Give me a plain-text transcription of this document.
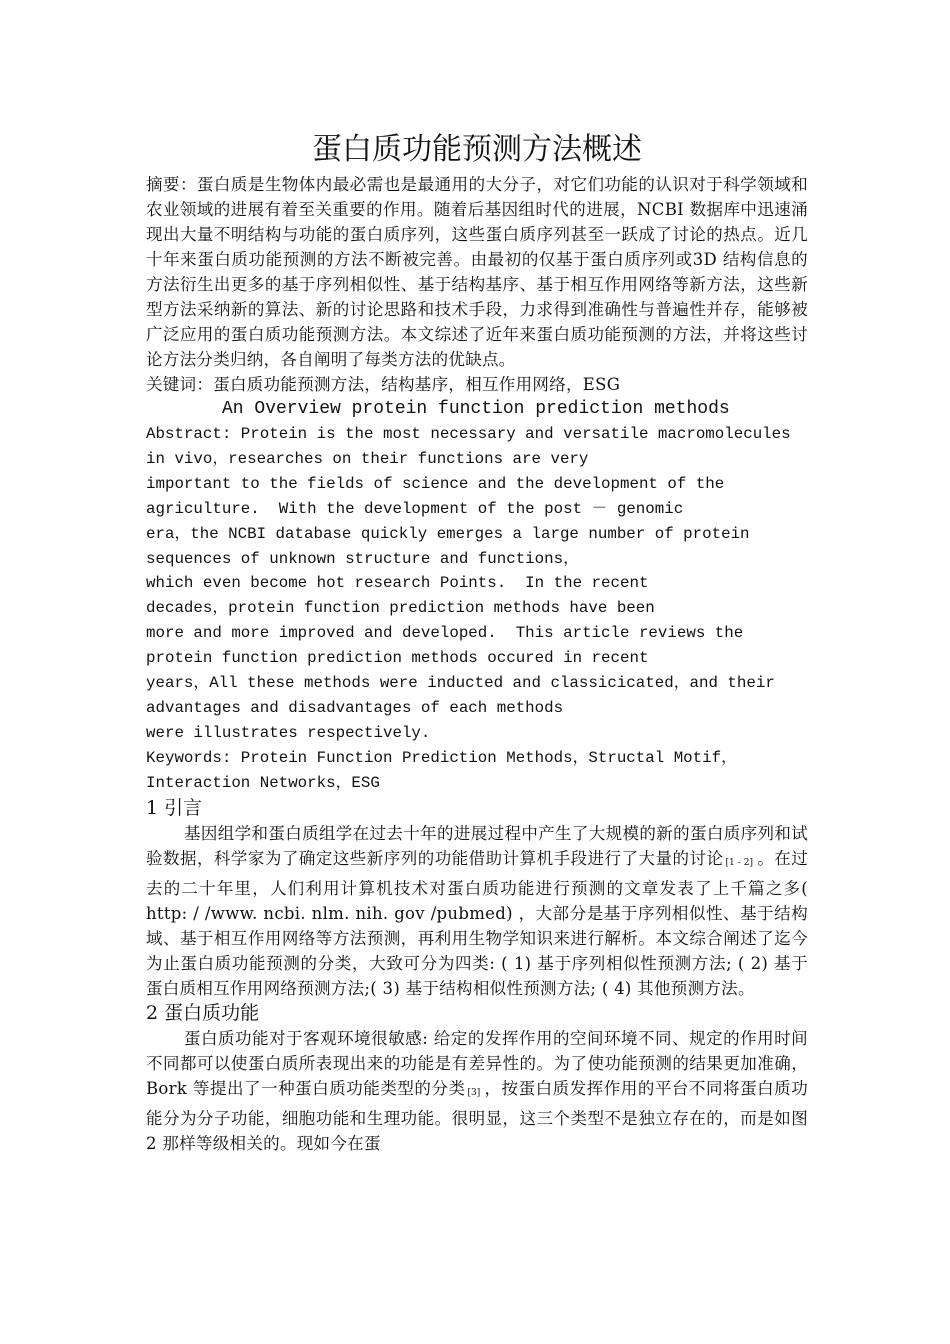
蛋白质功能预测方法概述

摘要：蛋白质是生物体内最必需也是最通用的大分子，对它们功能的认识对于科学领域和农业领域的进展有着至关重要的作用。随着后基因组时代的进展，NCBI 数据库中迅速涌现出大量不明结构与功能的蛋白质序列，这些蛋白质序列甚至一跃成了讨论的热点。近几十年来蛋白质功能预测的方法不断被完善。由最初的仅基于蛋白质序列或3D 结构信息的方法衍生出更多的基于序列相似性、基于结构基序、基于相互作用网络等新方法，这些新型方法采纳新的算法、新的讨论思路和技术手段，力求得到准确性与普遍性并存，能够被广泛应用的蛋白质功能预测方法。本文综述了近年来蛋白质功能预测的方法，并将这些讨论方法分类归纳，各自阐明了每类方法的优缺点。

关键词：蛋白质功能预测方法，结构基序，相互作用网络，ESG

An Overview protein function prediction methods

Abstract: Protein is the most necessary and versatile macromolecules
in vivo，researches on their functions are very
important to the fields of science and the development of the
agriculture.  With the development of the post － genomic
era，the NCBI database quickly emerges a large number of protein
sequences of unknown structure and functions，
which even become hot research Points.  In the recent
decades，protein function prediction methods have been
more and more improved and developed.  This article reviews the
protein function prediction methods occured in recent
years，All these methods were inducted and classicicated，and their
advantages and disadvantages of each methods
were illustrates respectively.
Keywords: Protein Function Prediction Methods，Structal Motif，
Interaction Networks，ESG
1 引言

基因组学和蛋白质组学在过去十年的进展过程中产生了大规模的新的蛋白质序列和试验数据，科学家为了确定这些新序列的功能借助计算机手段进行了大量的讨论 [1 - 2] 。在过去的二十年里，人们利用计算机技术对蛋白质功能进行预测的文章发表了上千篇之多( http: / /www. ncbi. nlm. nih. gov /pubmed) ，大部分是基于序列相似性、基于结构域、基于相互作用网络等方法预测，再利用生物学知识来进行解析。本文综合阐述了迄今为止蛋白质功能预测的分类，大致可分为四类: ( 1) 基于序列相似性预测方法; ( 2) 基于蛋白质相互作用网络预测方法;( 3) 基于结构相似性预测方法; ( 4) 其他预测方法。

2 蛋白质功能

蛋白质功能对于客观环境很敏感: 给定的发挥作用的空间环境不同、规定的作用时间不同都可以使蛋白质所表现出来的功能是有差异性的。为了使功能预测的结果更加准确，Bork 等提出了一种蛋白质功能类型的分类 [3] ，按蛋白质发挥作用的平台不同将蛋白质功能分为分子功能，细胞功能和生理功能。很明显，这三个类型不是独立存在的，而是如图2 那样等级相关的。现如今在蛋
